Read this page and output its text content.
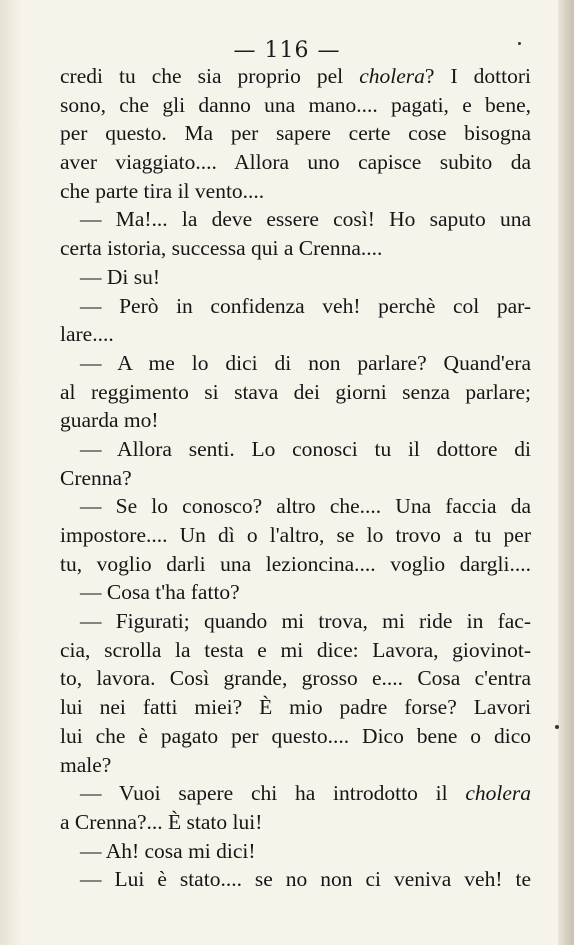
— 116 —
credi tu che sia proprio pel cholera? I dottori
sono, che gli danno una mano.... pagati, e bene,
per questo. Ma per sapere certe cose bisogna
aver viaggiato.... Allora uno capisce subito da
che parte tira il vento....
— Ma!... la deve essere così! Ho saputo una
certa istoria, successa qui a Crenna....
— Di su!
— Però in confidenza veh! perchè col par-
lare....
— A me lo dici di non parlare? Quand'era
al reggimento si stava dei giorni senza parlare;
guarda mo!
— Allora senti. Lo conosci tu il dottore di
Crenna?
— Se lo conosco? altro che.... Una faccia da
impostore.... Un dì o l'altro, se lo trovo a tu per
tu, voglio darli una lezioncina.... voglio dargli....
— Cosa t'ha fatto?
— Figurati; quando mi trova, mi ride in fac-
cia, scrolla la testa e mi dice: Lavora, giovinot-
to, lavora. Così grande, grosso e.... Cosa c'entra
lui nei fatti miei? È mio padre forse? Lavori
lui che è pagato per questo.... Dico bene o dico
male?
— Vuoi sapere chi ha introdotto il cholera
a Crenna?... È stato lui!
— Ah! cosa mi dici!
— Lui è stato.... se no non ci veniva veh! te
